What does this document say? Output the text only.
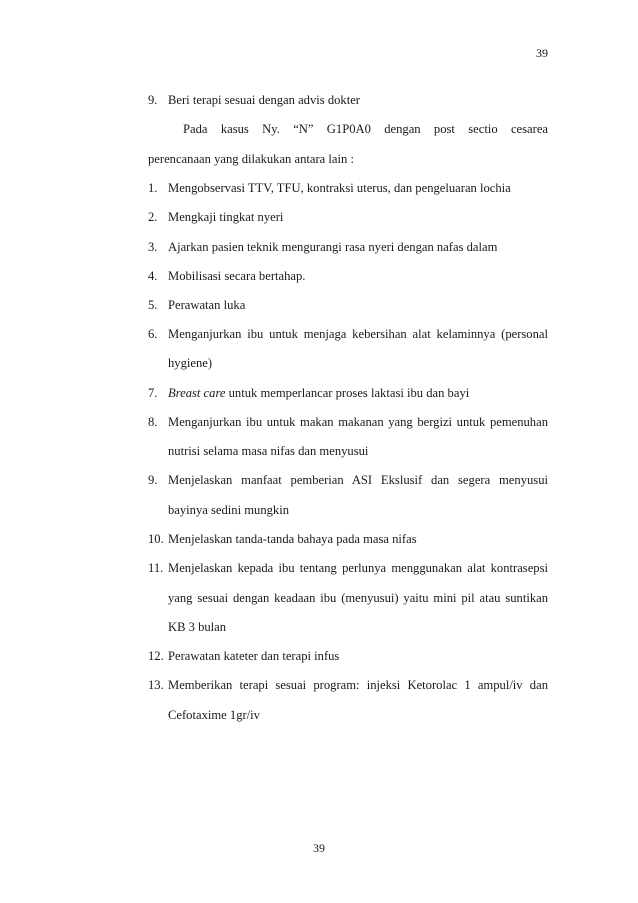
39
9. Beri terapi sesuai dengan advis dokter
Pada kasus Ny. “N” G1P0A0 dengan post sectio cesarea
perencanaan yang dilakukan antara lain :
1. Mengobservasi TTV, TFU, kontraksi uterus, dan pengeluaran lochia
2. Mengkaji tingkat nyeri
3. Ajarkan pasien teknik mengurangi rasa nyeri dengan nafas dalam
4. Mobilisasi secara bertahap.
5. Perawatan luka
6. Menganjurkan ibu untuk menjaga kebersihan alat kelaminnya (personal
hygiene)
7. Breast care untuk memperlancar proses laktasi ibu dan bayi
8. Menganjurkan ibu untuk makan makanan yang bergizi untuk pemenuhan
nutrisi selama masa nifas dan menyusui
9. Menjelaskan manfaat pemberian ASI Ekslusif dan segera menyusui
bayinya sedini mungkin
10. Menjelaskan tanda-tanda bahaya pada masa nifas
11. Menjelaskan kepada ibu tentang perlunya menggunakan alat kontrasepsi
yang sesuai dengan keadaan ibu (menyusui) yaitu mini pil atau suntikan
KB 3 bulan
12. Perawatan kateter dan terapi infus
13. Memberikan terapi sesuai program: injeksi Ketorolac 1 ampul/iv dan
Cefotaxime 1gr/iv
39
